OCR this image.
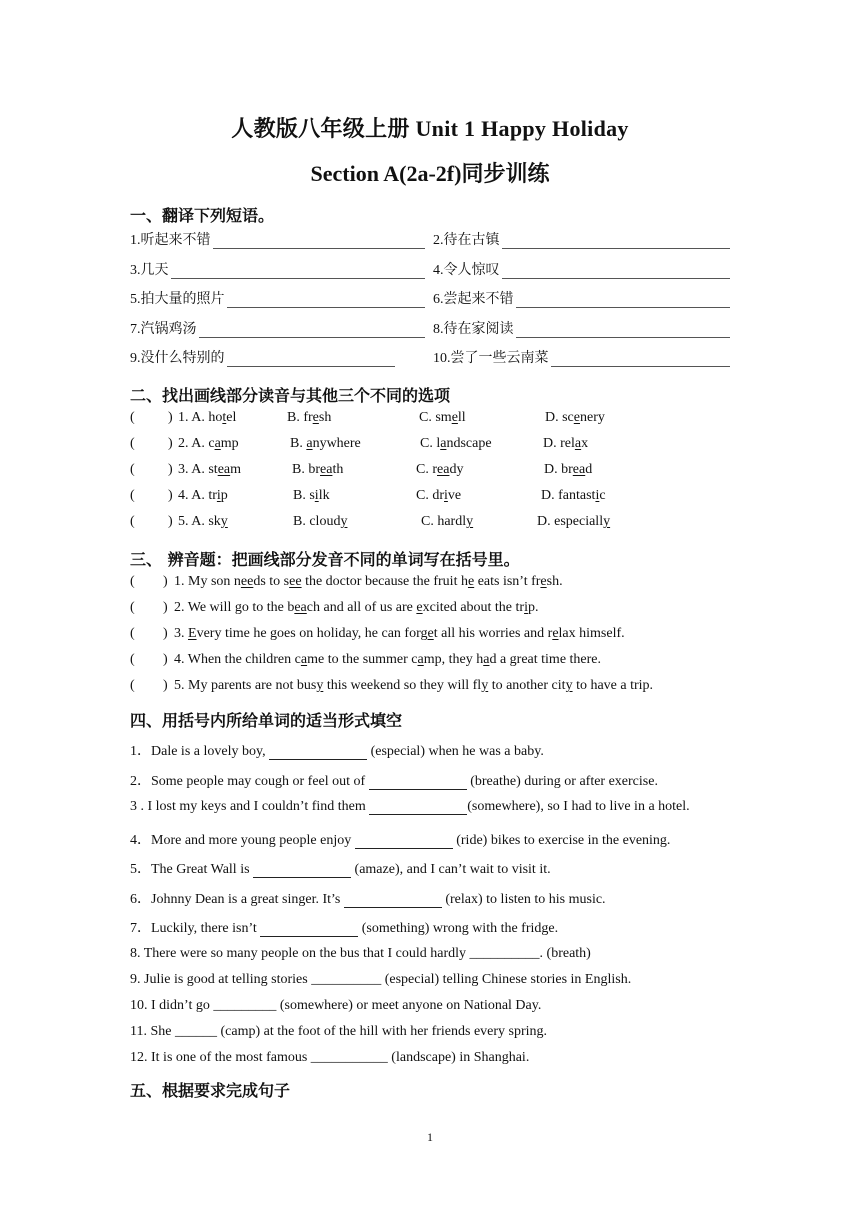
人教版八年级上册 Unit 1 Happy Holiday
Section A(2a-2f)同步训练
一、翻译下列短语。
1.听起来不错	2.待在古镇
3.几天	4.令人惊叹
5.拍大量的照片	6.尝起来不错
7.汽锅鸡汤	8.待在家阅读
9.没什么特别的	10.尝了一些云南菜
二、找出画线部分读音与其他三个不同的选项
( ) 1. A. hotel	B. fresh	C. smell	D. scenery
( ) 2. A. camp	B. anywhere	C. landscape	D. relax
( ) 3. A. steam	B. breath	C. ready	D. bread
( ) 4. A. trip	B. silk	C. drive	D. fantastic
( ) 5. A. sky	B. cloudy	C. hardly	D. especially
三、 辨音题：把画线部分发音不同的单词写在括号里。
( ) 1. My son needs to see the doctor because the fruit he eats isn’t fresh.
( ) 2. We will go to the beach and all of us are excited about the trip.
( ) 3. Every time he goes on holiday, he can forget all his worries and relax himself.
( ) 4. When the children came to the summer camp, they had a great time there.
( ) 5. My parents are not busy this weekend so they will fly to another city to have a trip.
四、用括号内所给单词的适当形式填空
1．Dale is a lovely boy,	(especial) when he was a baby.
2．Some people may cough or feel out of	(breathe) during or after exercise.
3 . I lost my keys and I couldn’t find them	(somewhere), so I had to live in a hotel.
4．More and more young people enjoy	(ride) bikes to exercise in the evening.
5．The Great Wall is	(amaze), and I can’t wait to visit it.
6．Johnny Dean is a great singer. It’s	(relax) to listen to his music.
7．Luckily, there isn’t	(something) wrong with the fridge.
8. There were so many people on the bus that I could hardly __________. (breath)
9. Julie is good at telling stories __________ (especial) telling Chinese stories in English.
10. I didn’t go _________ (somewhere) or meet anyone on National Day.
11. She ______ (camp) at the foot of the hill with her friends every spring.
12. It is one of the most famous ___________ (landscape) in Shanghai.
五、根据要求完成句子
1
